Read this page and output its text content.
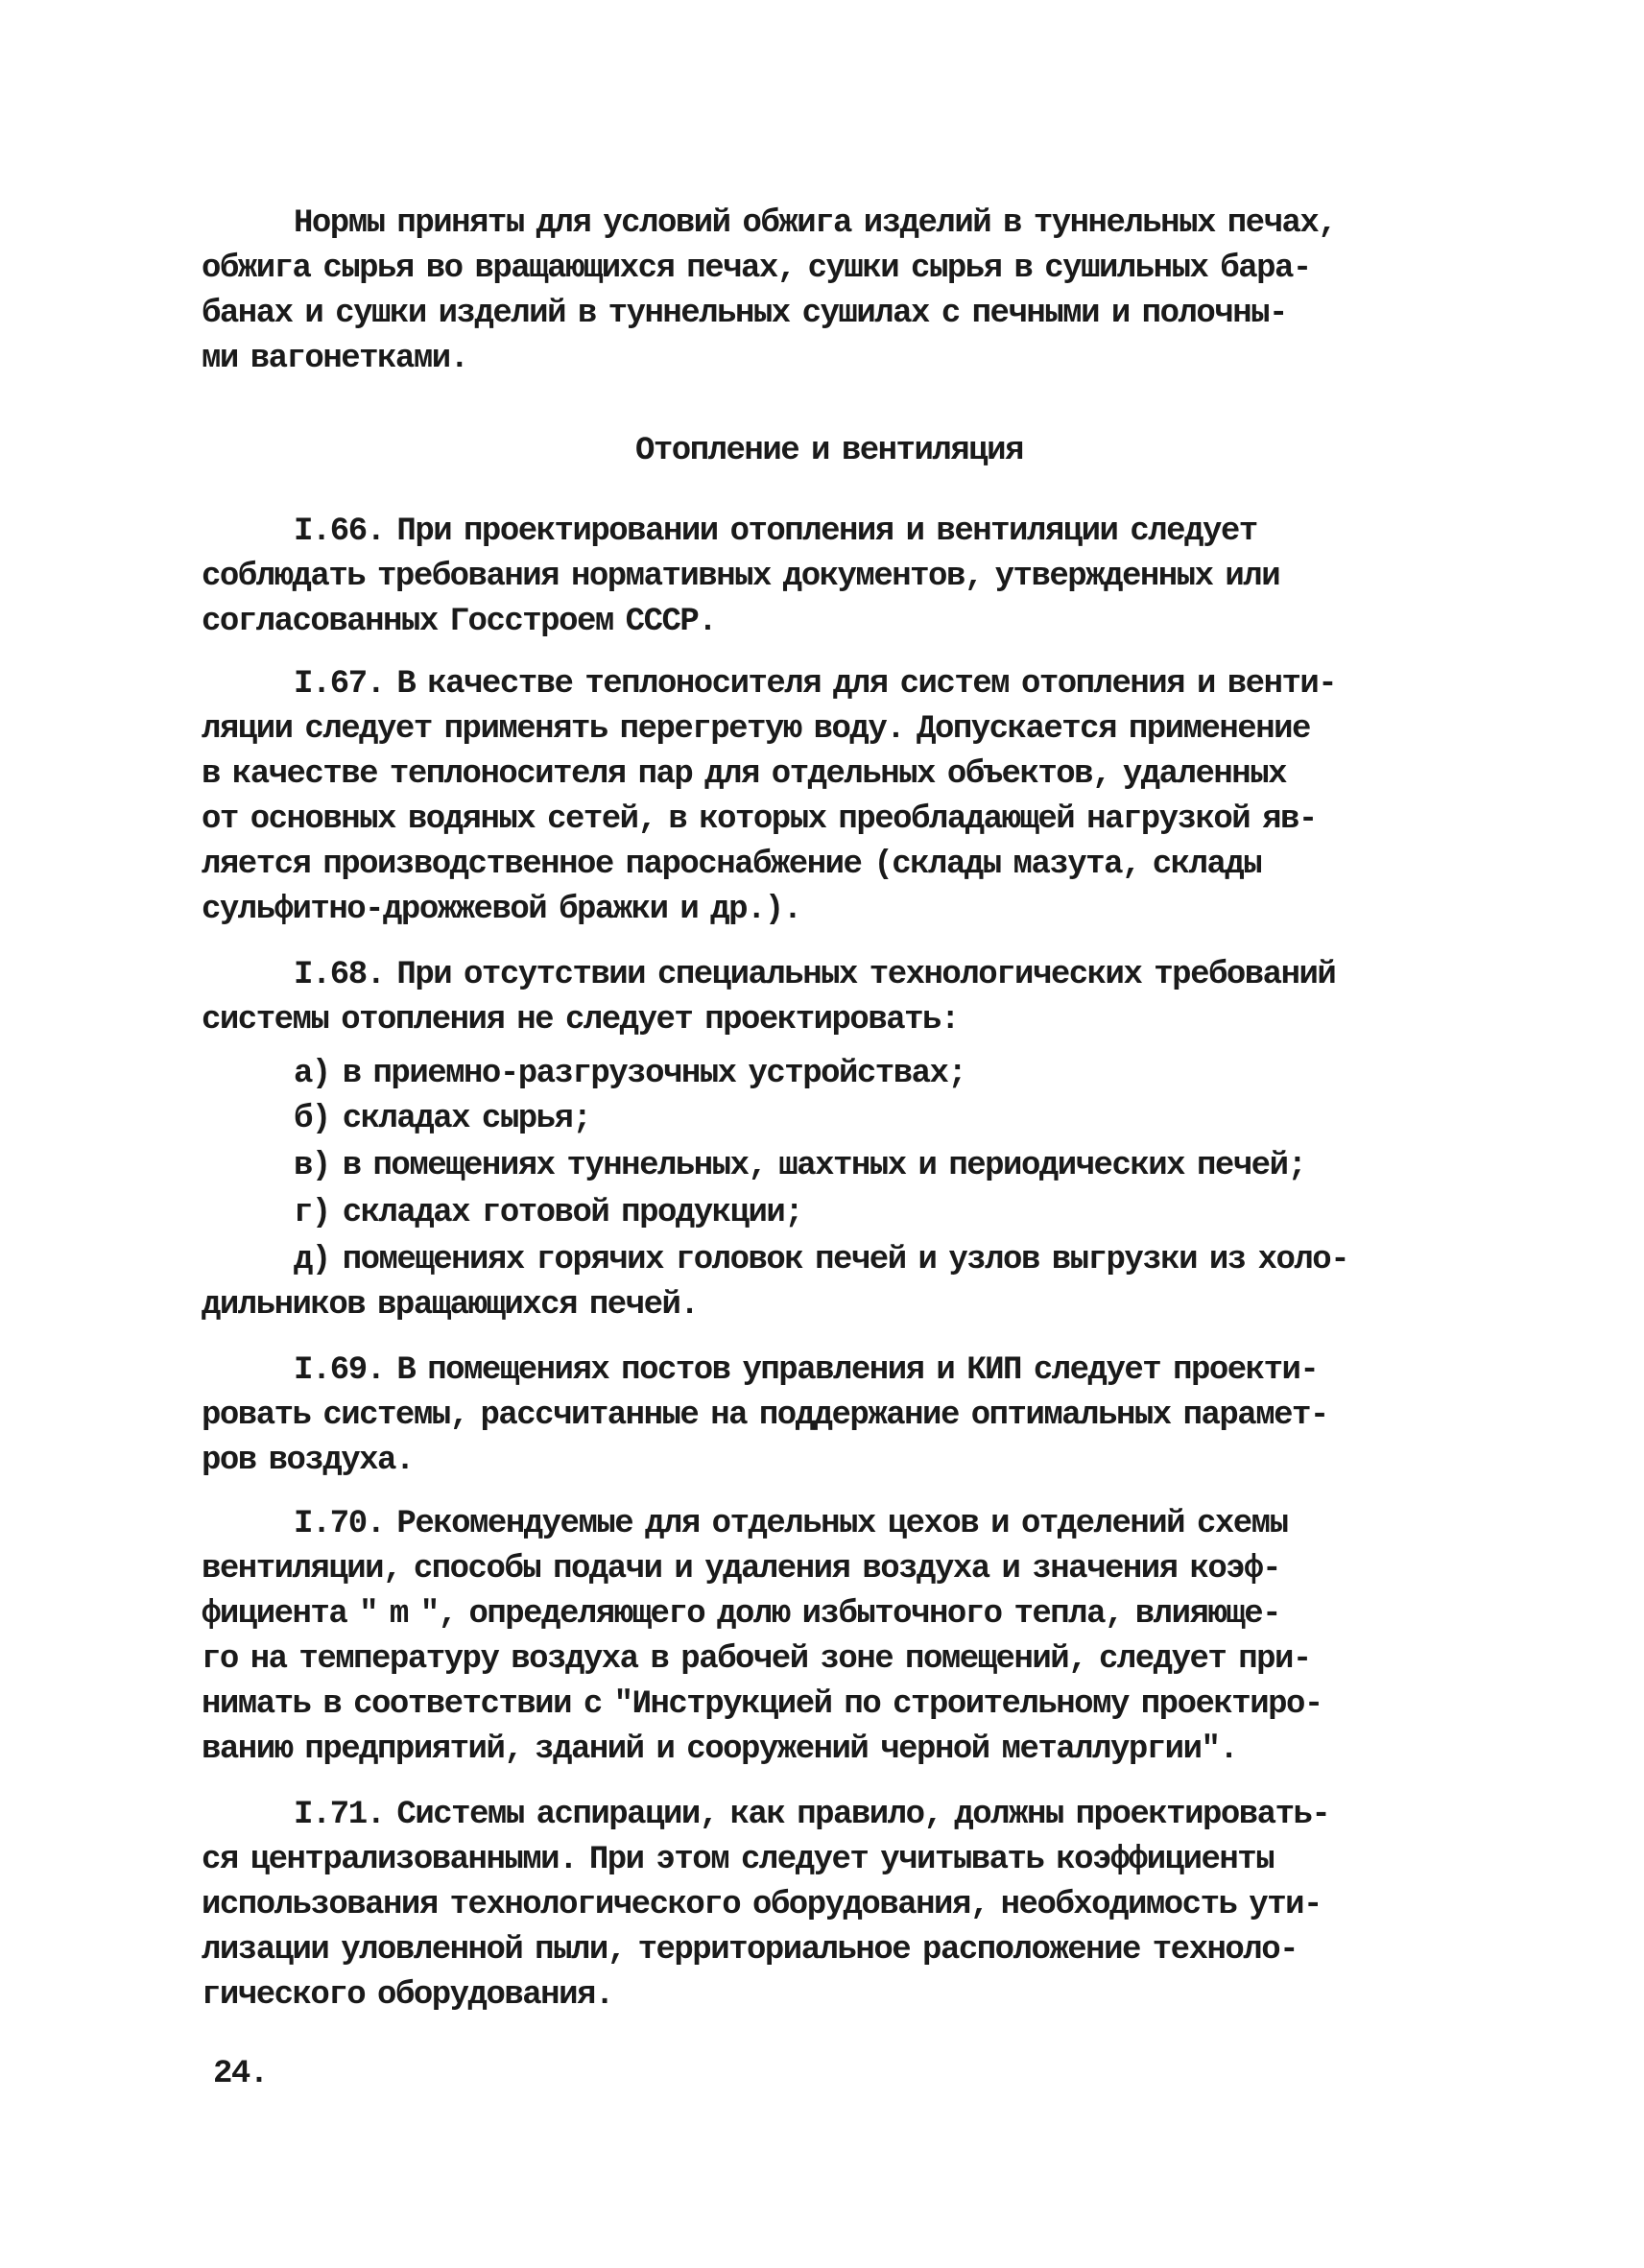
Нормы приняты для условий обжига изделий в туннельных печах,
обжига сырья во вращающихся печах, сушки сырья в сушильных бара-
банах и сушки изделий в туннельных сушилах с печными и полочны-
ми вагонетками.
Отопление и вентиляция
I.66. При проектировании отопления и вентиляции следует
соблюдать требования нормативных документов, утвержденных или
согласованных Госстроем СССР.
I.67. В качестве теплоносителя для систем отопления и венти-
ляции следует применять перегретую воду. Допускается применение
в качестве теплоносителя пар для отдельных объектов, удаленных
от основных водяных сетей, в которых преобладающей нагрузкой яв-
ляется производственное пароснабжение (склады мазута, склады
сульфитно-дрожжевой бражки и др.).
I.68. При отсутствии специальных технологических требований
системы отопления не следует проектировать:
а) в приемно-разгрузочных устройствах;
б) складах сырья;
в) в помещениях туннельных, шахтных и периодических печей;
г) складах готовой продукции;
д) помещениях горячих головок печей и узлов выгрузки из холо-
дильников вращающихся печей.
I.69. В помещениях постов управления и КИП следует проекти-
ровать системы, рассчитанные на поддержание оптимальных парамет-
ров воздуха.
I.70. Рекомендуемые для отдельных цехов и отделений схемы
вентиляции, способы подачи и удаления воздуха и значения коэф-
фициента " m ", определяющего долю избыточного тепла, влияюще-
го на температуру воздуха в рабочей зоне помещений, следует при-
нимать в соответствии с "Инструкцией по строительному проектиро-
ванию предприятий, зданий и сооружений черной металлургии".
I.71. Системы аспирации, как правило, должны проектировать-
ся централизованными. При этом следует учитывать коэффициенты
использования технологического оборудования, необходимость ути-
лизации уловленной пыли, территориальное расположение техноло-
гического оборудования.
24.
